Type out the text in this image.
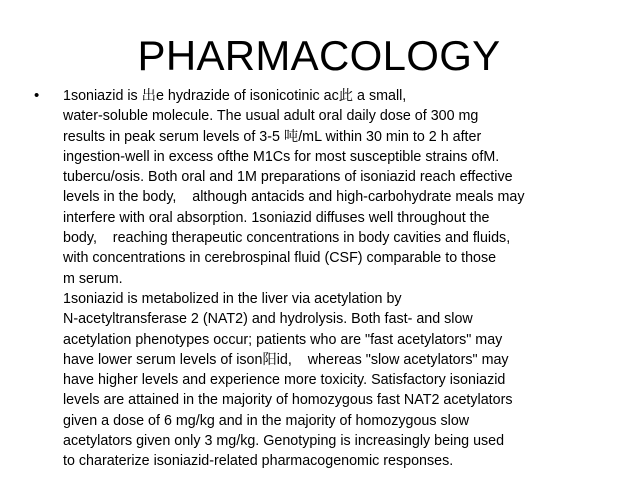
PHARMACOLOGY
• 1soniazid is 出e hydrazide of isonicotinic ac此 a small,
water-soluble molecule. The usual adult oral daily dose of 300 mg
results in peak serum levels of 3-5 吨/mL within 30 min to 2 h after
ingestion-well in excess ofthe M1Cs for most susceptible strains ofM.
tubercu/osis. Both oral and 1M preparations of isoniazid reach effective
levels in the body,    although antacids and high-carbohydrate meals may
interfere with oral absorption. 1soniazid diffuses well throughout the
body,    reaching therapeutic concentrations in body cavities and fluids,
with concentrations in cerebrospinal fluid (CSF) comparable to those
m serum.
1soniazid is metabolized in the liver via acetylation by
N-acetyltransferase 2 (NAT2) and hydrolysis. Both fast- and slow
acetylation phenotypes occur; patients who are "fast acetylators" may
have lower serum levels of ison阳id,    whereas "slow acetylators" may
have higher levels and experience more toxicity. Satisfactory isoniazid
levels are attained in the majority of homozygous fast NAT2 acetylators
given a dose of 6 mg/kg and in the majority of homozygous slow
acetylators given only 3 mg/kg. Genotyping is increasingly being used
to charaterize isoniazid-related pharmacogenomic responses.
